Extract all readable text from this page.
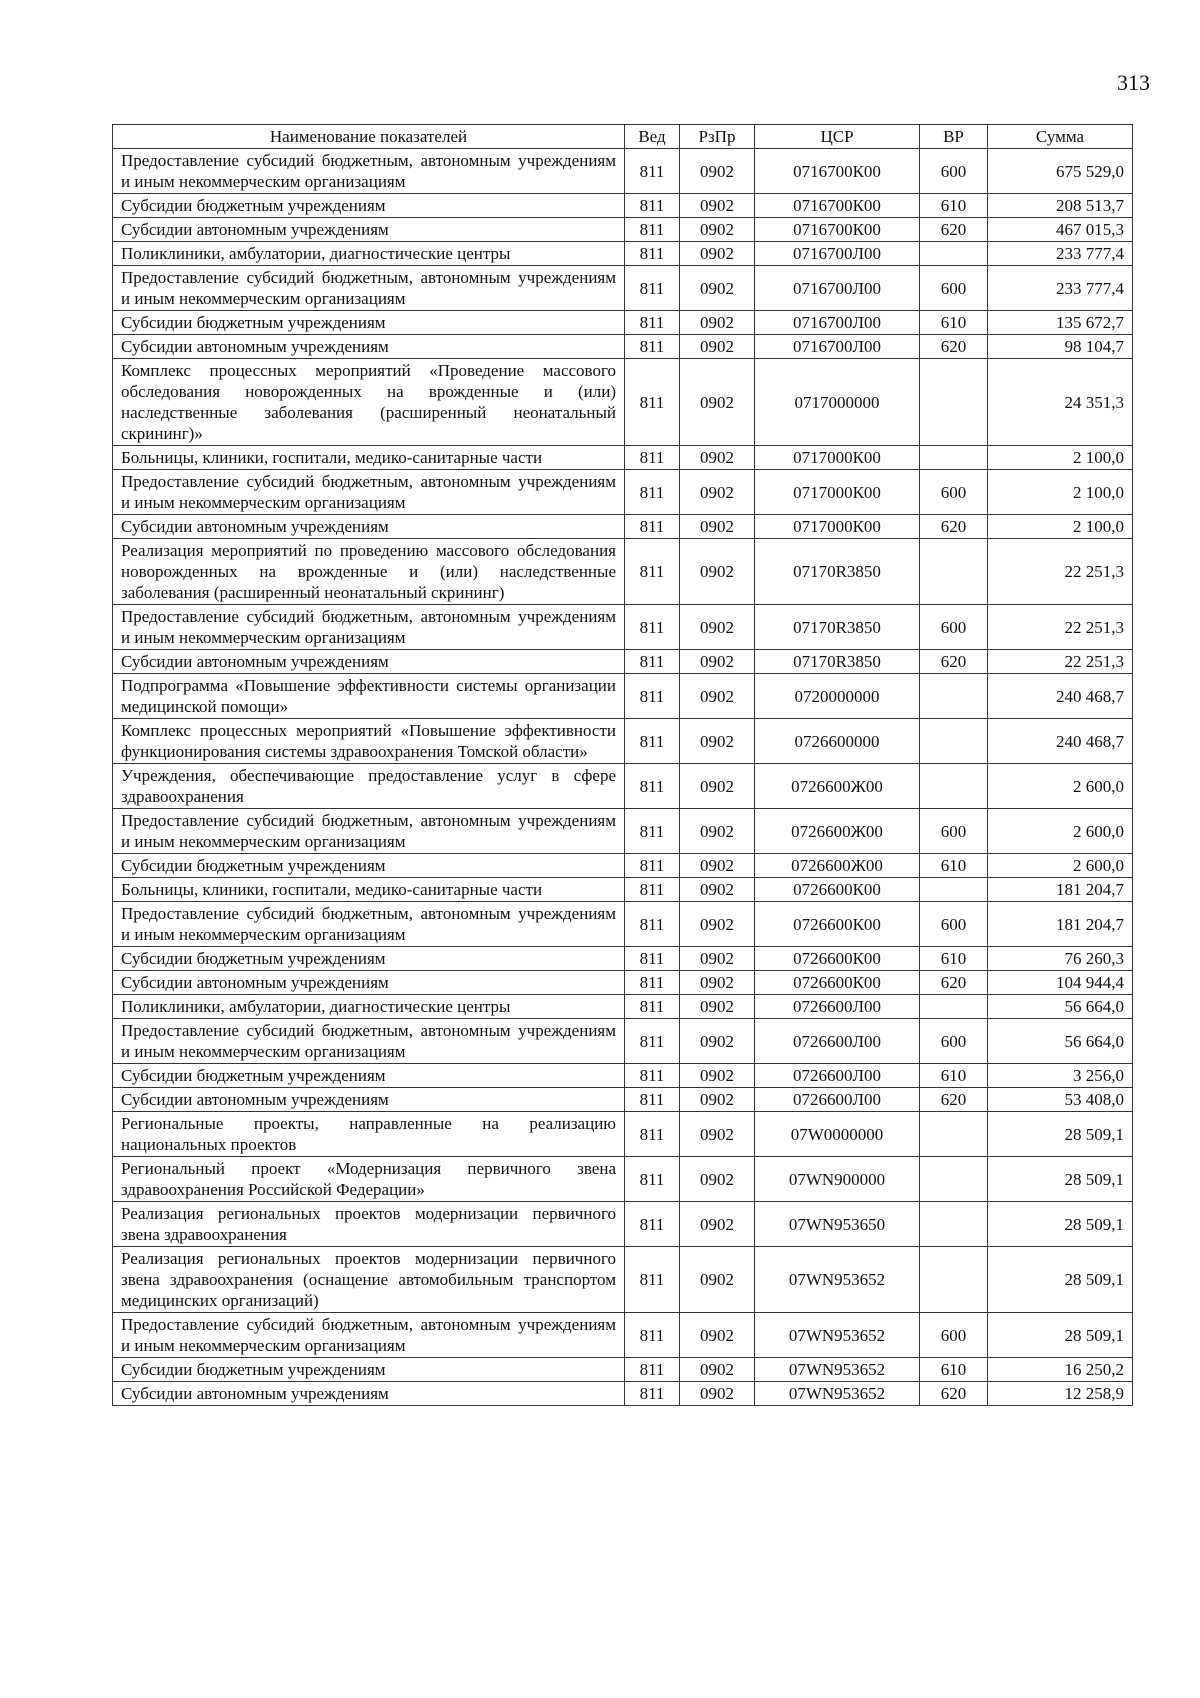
313
Наименование показателей	Вед	РзПр	ЦСР	ВР	Сумма
Предоставление субсидий бюджетным, автономным учреждениям и иным некоммерческим организациям	811	0902	0716700К00	600	675 529,0
Субсидии бюджетным учреждениям	811	0902	0716700К00	610	208 513,7
Субсидии автономным учреждениям	811	0902	0716700К00	620	467 015,3
Поликлиники, амбулатории, диагностические центры	811	0902	0716700Л00		233 777,4
Предоставление субсидий бюджетным, автономным учреждениям и иным некоммерческим организациям	811	0902	0716700Л00	600	233 777,4
Субсидии бюджетным учреждениям	811	0902	0716700Л00	610	135 672,7
Субсидии автономным учреждениям	811	0902	0716700Л00	620	98 104,7
Комплекс процессных мероприятий «Проведение массового обследования новорожденных на врожденные и (или) наследственные заболевания (расширенный неонатальный скрининг)»	811	0902	0717000000		24 351,3
Больницы, клиники, госпитали, медико-санитарные части	811	0902	0717000К00		2 100,0
Предоставление субсидий бюджетным, автономным учреждениям и иным некоммерческим организациям	811	0902	0717000К00	600	2 100,0
Субсидии автономным учреждениям	811	0902	0717000К00	620	2 100,0
Реализация мероприятий по проведению массового обследования новорожденных на врожденные и (или) наследственные заболевания (расширенный неонатальный скрининг)	811	0902	07170R3850		22 251,3
Предоставление субсидий бюджетным, автономным учреждениям и иным некоммерческим организациям	811	0902	07170R3850	600	22 251,3
Субсидии автономным учреждениям	811	0902	07170R3850	620	22 251,3
Подпрограмма «Повышение эффективности системы организации медицинской помощи»	811	0902	0720000000		240 468,7
Комплекс процессных мероприятий «Повышение эффективности функционирования системы здравоохранения Томской области»	811	0902	0726600000		240 468,7
Учреждения, обеспечивающие предоставление услуг в сфере здравоохранения	811	0902	0726600Ж00		2 600,0
Предоставление субсидий бюджетным, автономным учреждениям и иным некоммерческим организациям	811	0902	0726600Ж00	600	2 600,0
Субсидии бюджетным учреждениям	811	0902	0726600Ж00	610	2 600,0
Больницы, клиники, госпитали, медико-санитарные части	811	0902	0726600К00		181 204,7
Предоставление субсидий бюджетным, автономным учреждениям и иным некоммерческим организациям	811	0902	0726600К00	600	181 204,7
Субсидии бюджетным учреждениям	811	0902	0726600К00	610	76 260,3
Субсидии автономным учреждениям	811	0902	0726600К00	620	104 944,4
Поликлиники, амбулатории, диагностические центры	811	0902	0726600Л00		56 664,0
Предоставление субсидий бюджетным, автономным учреждениям и иным некоммерческим организациям	811	0902	0726600Л00	600	56 664,0
Субсидии бюджетным учреждениям	811	0902	0726600Л00	610	3 256,0
Субсидии автономным учреждениям	811	0902	0726600Л00	620	53 408,0
Региональные проекты, направленные на реализацию национальных проектов	811	0902	07W0000000		28 509,1
Региональный проект «Модернизация первичного звена здравоохранения Российской Федерации»	811	0902	07WN900000		28 509,1
Реализация региональных проектов модернизации первичного звена здравоохранения	811	0902	07WN953650		28 509,1
Реализация региональных проектов модернизации первичного звена здравоохранения (оснащение автомобильным транспортом медицинских организаций)	811	0902	07WN953652		28 509,1
Предоставление субсидий бюджетным, автономным учреждениям и иным некоммерческим организациям	811	0902	07WN953652	600	28 509,1
Субсидии бюджетным учреждениям	811	0902	07WN953652	610	16 250,2
Субсидии автономным учреждениям	811	0902	07WN953652	620	12 258,9
